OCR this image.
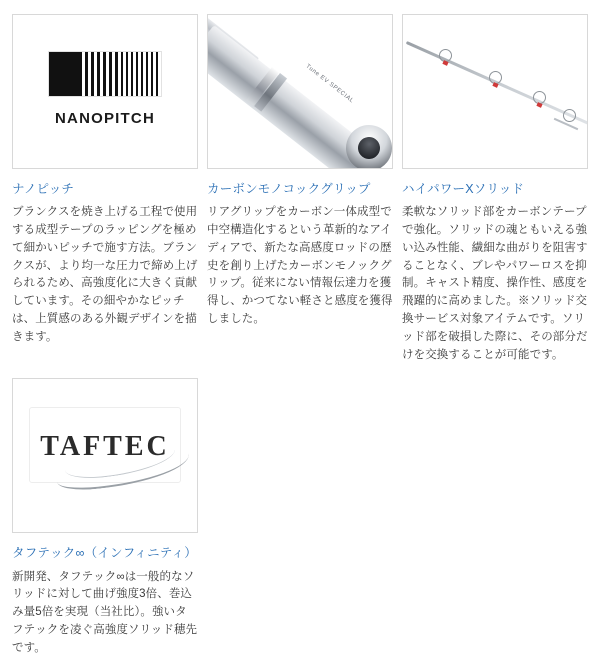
NANOPITCH
ナノピッチ
ブランクスを焼き上げる工程で使用する成型テープのラッピングを極めて細かいピッチで施す方法。ブランクスが、より均一な圧力で締め上げられるため、高強度化に大きく貢献しています。その細やかなピッチは、上質感のある外観デザインを描きます。
Tune EV SPECIAL
カーボンモノコックグリップ
リアグリップをカーボン一体成型で中空構造化するという革新的なアイディアで、新たな高感度ロッドの歴史を創り上げたカーボンモノックグリップ。従来にない情報伝達力を獲得し、かつてない軽さと感度を獲得しました。
ハイパワーXソリッド
柔軟なソリッド部をカーボンテープで強化。ソリッドの魂ともいえる強い込み性能、繊細な曲がりを阻害することなく、ブレやパワーロスを抑制。キャスト精度、操作性、感度を飛躍的に高めました。※ソリッド交換サービス対象アイテムです。ソリッド部を破損した際に、その部分だけを交換することが可能です。
TAFTEC
タフテック∞（インフィニティ）
新開発、タフテック∞は一般的なソリッドに対して曲げ強度3倍、巻込み量5倍を実現（当社比）。強いタフテックを凌ぐ高強度ソリッド穂先です。
